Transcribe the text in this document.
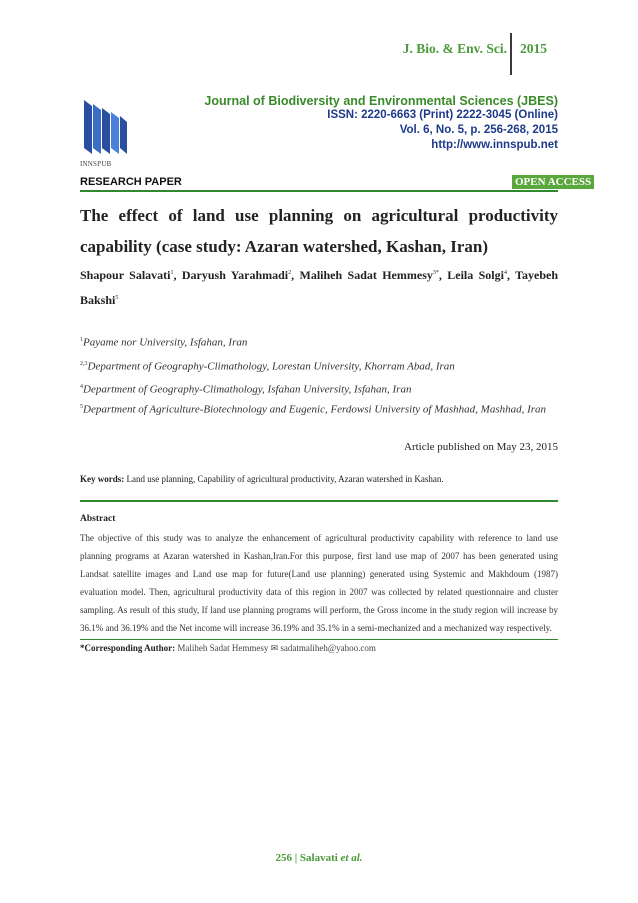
J. Bio. & Env. Sci. 2015
INNSPUB
Journal of Biodiversity and Environmental Sciences (JBES)
ISSN: 2220-6663 (Print) 2222-3045 (Online)
Vol. 6, No. 5, p. 256-268, 2015
http://www.innspub.net
RESEARCH PAPER	OPEN ACCESS
The effect of land use planning on agricultural productivity capability (case study: Azaran watershed, Kashan, Iran)
Shapour Salavati$^1$, Daryush Yarahmadi$^2$, Maliheh Sadat Hemmesy$^{3*}$, Leila Solgi$^4$, Tayebeh Bakshi$^5$
$^1$Payame nor University, Isfahan, Iran
$^{2,3}$Department of Geography-Climathology, Lorestan University, Khorram Abad, Iran
$^4$Department of Geography-Climathology, Isfahan University, Isfahan, Iran
$^5$Department of Agriculture-Biotechnology and Eugenic, Ferdowsi University of Mashhad, Mashhad, Iran
Article published on May 23, 2015
Key words: Land use planning, Capability of agricultural productivity, Azaran watershed in Kashan.
Abstract
The objective of this study was to analyze the enhancement of agricultural productivity capability with reference to land use planning programs at Azaran watershed in Kashan,Iran.For this purpose, first land use map of 2007 has been generated using Landsat satellite images and Land use map for future(Land use planning) generated using Systemic and Makhdoum (1987) evaluation model. Then, agricultural productivity data of this region in 2007 was collected by related questionnaire and cluster sampling. As result of this study, If land use planning programs will perform, the Gross income in the study region will increase by 36.1% and 36.19% and the Net income will increase 36.19% and 35.1% in a semi-mechanized and a mechanized way respectively.
*Corresponding Author: Maliheh Sadat Hemmesy ✉ sadatmaliheh@yahoo.com
256 | Salavati et al.
